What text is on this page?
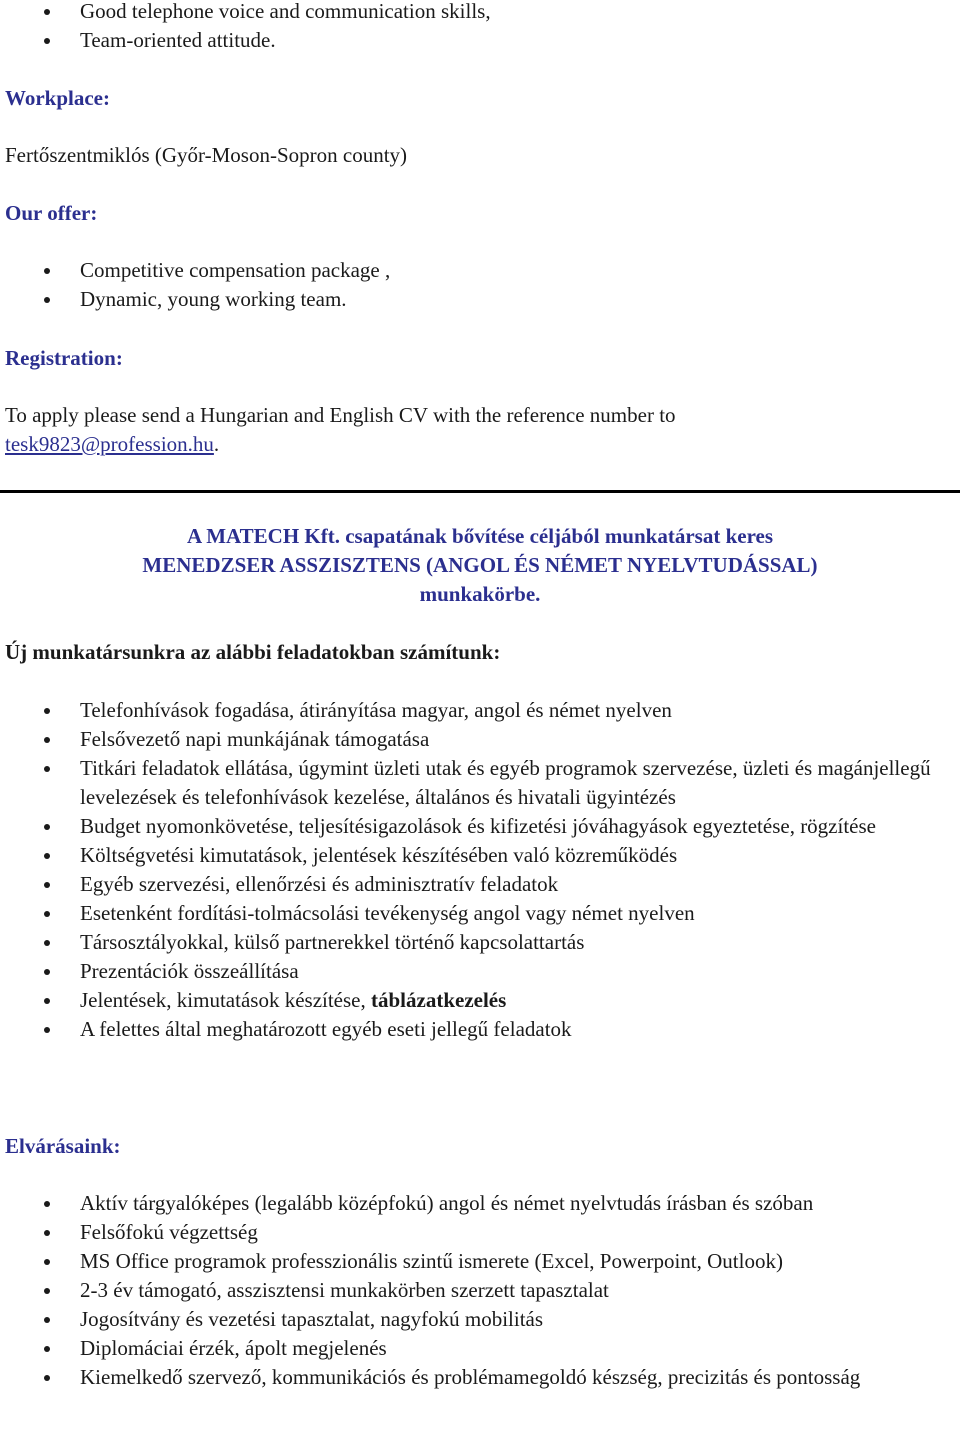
Good telephone voice and communication skills,
Team-oriented attitude.
Workplace:
Fertőszentmiklós (Győr-Moson-Sopron county)
Our offer:
Competitive compensation package ,
Dynamic, young working team.
Registration:
To apply please send a Hungarian and English CV with the reference number to
tesk9823@profession.hu.
A MATECH Kft. csapatának bővítése céljából munkatársat keres
MENEDZSER ASSZISZTENS (ANGOL ÉS NÉMET NYELVTUDÁSSAL)
munkakörbe.
Új munkatársunkra az alábbi feladatokban számítunk:
Telefonhívások fogadása, átirányítása magyar, angol és német nyelven
Felsővezető napi munkájának támogatása
Titkári feladatok ellátása, úgymint üzleti utak és egyéb programok szervezése, üzleti és magánjellegű levelezések és telefonhívások kezelése, általános és hivatali ügyintézés
Budget nyomonkövetése, teljesítésigazolások és kifizetési jóváhagyások egyeztetése, rögzítése
Költségvetési kimutatások, jelentések készítésében való közreműködés
Egyéb szervezési, ellenőrzési és adminisztratív feladatok
Esetenként fordítási-tolmácsolási tevékenység angol vagy német nyelven
Társosztályokkal, külső partnerekkel történő kapcsolattartás
Prezentációk összeállítása
Jelentések, kimutatások készítése, táblázatkezelés
A felettes által meghatározott egyéb eseti jellegű feladatok
Elvárásaink:
Aktív tárgyalóképes (legalább középfokú) angol és német nyelvtudás írásban és szóban
Felsőfokú végzettség
MS Office programok professzionális szintű ismerete (Excel, Powerpoint, Outlook)
2-3 év támogató, asszisztensi munkakörben szerzett tapasztalat
Jogosítvány és vezetési tapasztalat, nagyfokú mobilitás
Diplomáciai érzék, ápolt megjelenés
Kiemelkedő szervező, kommunikációs és problémamegoldó készség, precizitás és pontosság
